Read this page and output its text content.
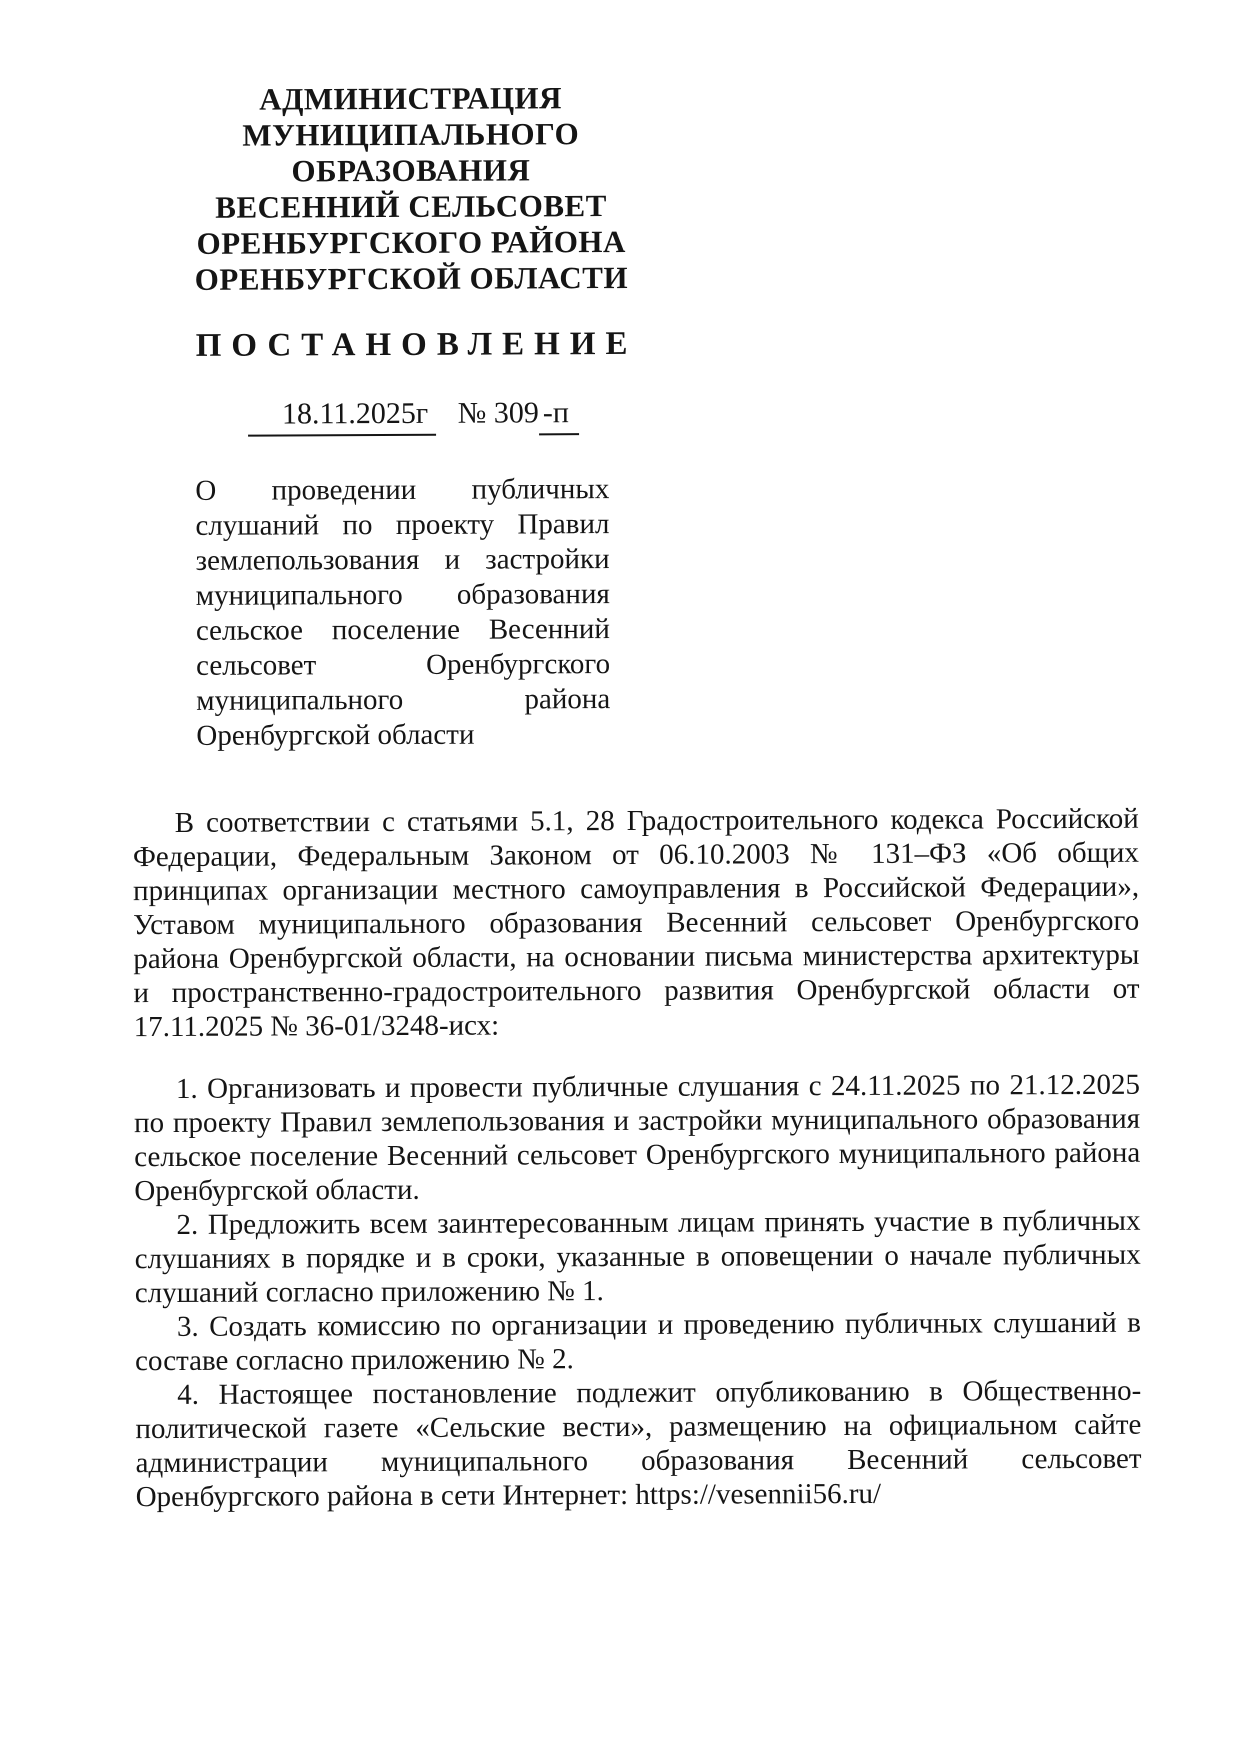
АДМИНИСТРАЦИЯ
МУНИЦИПАЛЬНОГО
ОБРАЗОВАНИЯ
ВЕСЕННИЙ СЕЛЬСОВЕТ
ОРЕНБУРГСКОГО РАЙОНА
ОРЕНБУРГСКОЙ ОБЛАСТИ
ПОСТАНОВЛЕНИЕ
18.11.2025г № 309 -п
О проведении публичных слушаний по проекту Правил землепользования и застройки муниципального образования сельское поселение Весенний сельсовет Оренбургского муниципального района Оренбургской области

В соответствии с статьями 5.1, 28 Градостроительного кодекса Российской Федерации, Федеральным Законом от 06.10.2003 № 131–ФЗ «Об общих принципах организации местного самоуправления в Российской Федерации», Уставом муниципального образования Весенний сельсовет Оренбургского района Оренбургской области, на основании письма министерства архитектуры и пространственно-градостроительного развития Оренбургской области от 17.11.2025 № 36-01/3248-исх:

1. Организовать и провести публичные слушания с 24.11.2025 по 21.12.2025 по проекту Правил землепользования и застройки муниципального образования сельское поселение Весенний сельсовет Оренбургского муниципального района Оренбургской области.

2. Предложить всем заинтересованным лицам принять участие в публичных слушаниях в порядке и в сроки, указанные в оповещении о начале публичных слушаний согласно приложению № 1.

3. Создать комиссию по организации и проведению публичных слушаний в составе согласно приложению № 2.

4. Настоящее постановление подлежит опубликованию в Общественно-политической газете «Сельские вести», размещению на официальном сайте администрации муниципального образования Весенний сельсовет Оренбургского района в сети Интернет: https://vesennii56.ru/
